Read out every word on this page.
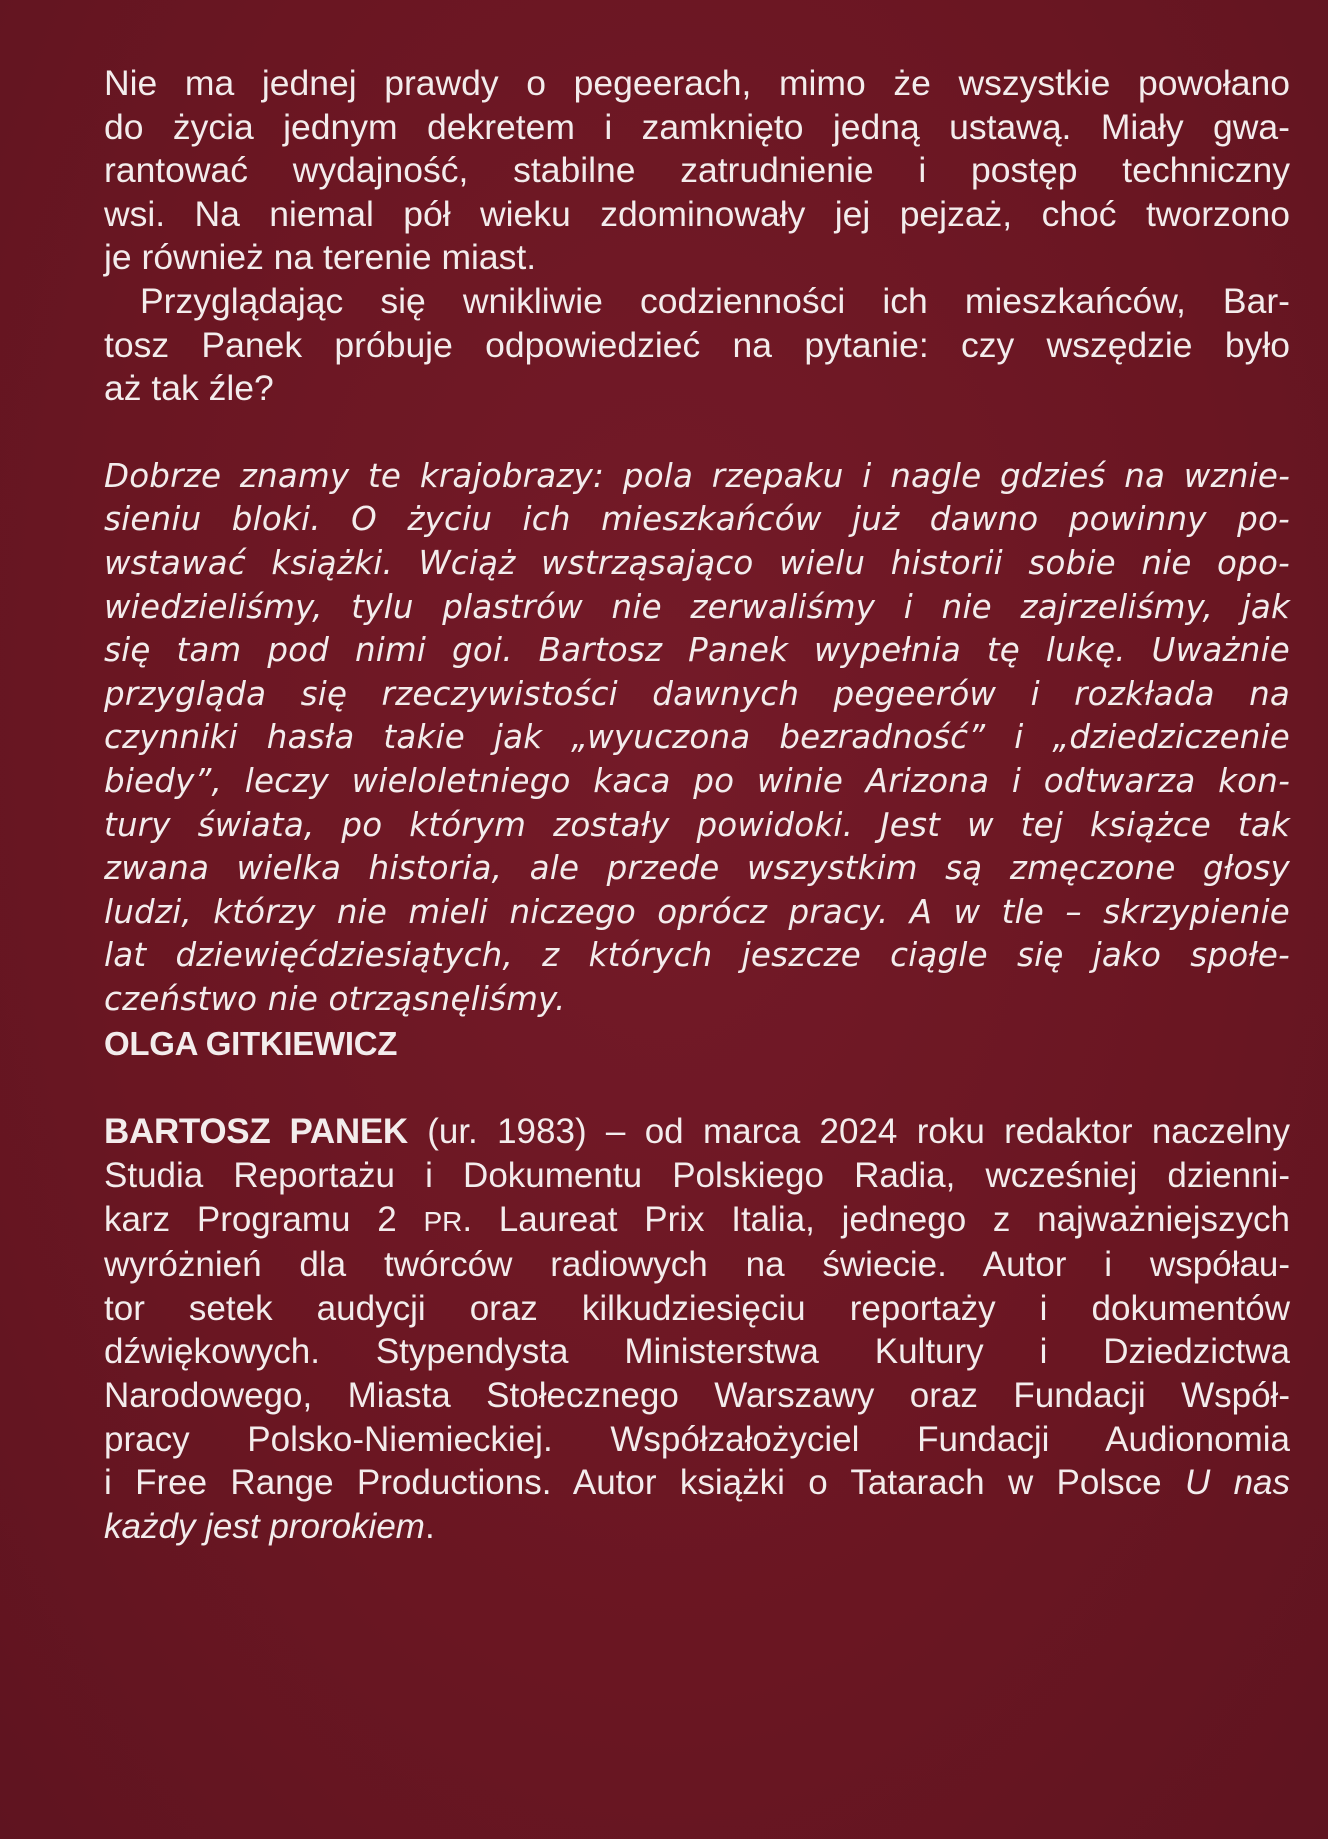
Nie ma jednej prawdy o pegeerach, mimo że wszystkie powołano
do życia jednym dekretem i zamknięto jedną ustawą. Miały gwa-
rantować wydajność, stabilne zatrudnienie i postęp techniczny
wsi. Na niemal pół wieku zdominowały jej pejzaż, choć tworzono
je również na terenie miast.
Przyglądając się wnikliwie codzienności ich mieszkańców, Bar-
tosz Panek próbuje odpowiedzieć na pytanie: czy wszędzie było
aż tak źle?
Dobrze znamy te krajobrazy: pola rzepaku i nagle gdzieś na wznie-
sieniu bloki. O życiu ich mieszkańców już dawno powinny po-
wstawać książki. Wciąż wstrząsająco wielu historii sobie nie opo-
wiedzieliśmy, tylu plastrów nie zerwaliśmy i nie zajrzeliśmy, jak
się tam pod nimi goi. Bartosz Panek wypełnia tę lukę. Uważnie
przygląda się rzeczywistości dawnych pegeerów i rozkłada na
czynniki hasła takie jak „wyuczona bezradność” i „dziedziczenie
biedy”, leczy wieloletniego kaca po winie Arizona i odtwarza kon-
tury świata, po którym zostały powidoki. Jest w tej książce tak
zwana wielka historia, ale przede wszystkim są zmęczone głosy
ludzi, którzy nie mieli niczego oprócz pracy. A w tle – skrzypienie
lat dziewięćdziesiątych, z których jeszcze ciągle się jako społe-
czeństwo nie otrząsnęliśmy.
OLGA GITKIEWICZ
BARTOSZ PANEK (ur. 1983) – od marca 2024 roku redaktor naczelny
Studia Reportażu i Dokumentu Polskiego Radia, wcześniej dzienni-
karz Programu 2 PR. Laureat Prix Italia, jednego z najważniejszych
wyróżnień dla twórców radiowych na świecie. Autor i współau-
tor setek audycji oraz kilkudziesięciu reportaży i dokumentów
dźwiękowych. Stypendysta Ministerstwa Kultury i Dziedzictwa
Narodowego, Miasta Stołecznego Warszawy oraz Fundacji Współ-
pracy Polsko-Niemieckiej. Współzałożyciel Fundacji Audionomia
i Free Range Productions. Autor książki o Tatarach w Polsce U nas
każdy jest prorokiem.
